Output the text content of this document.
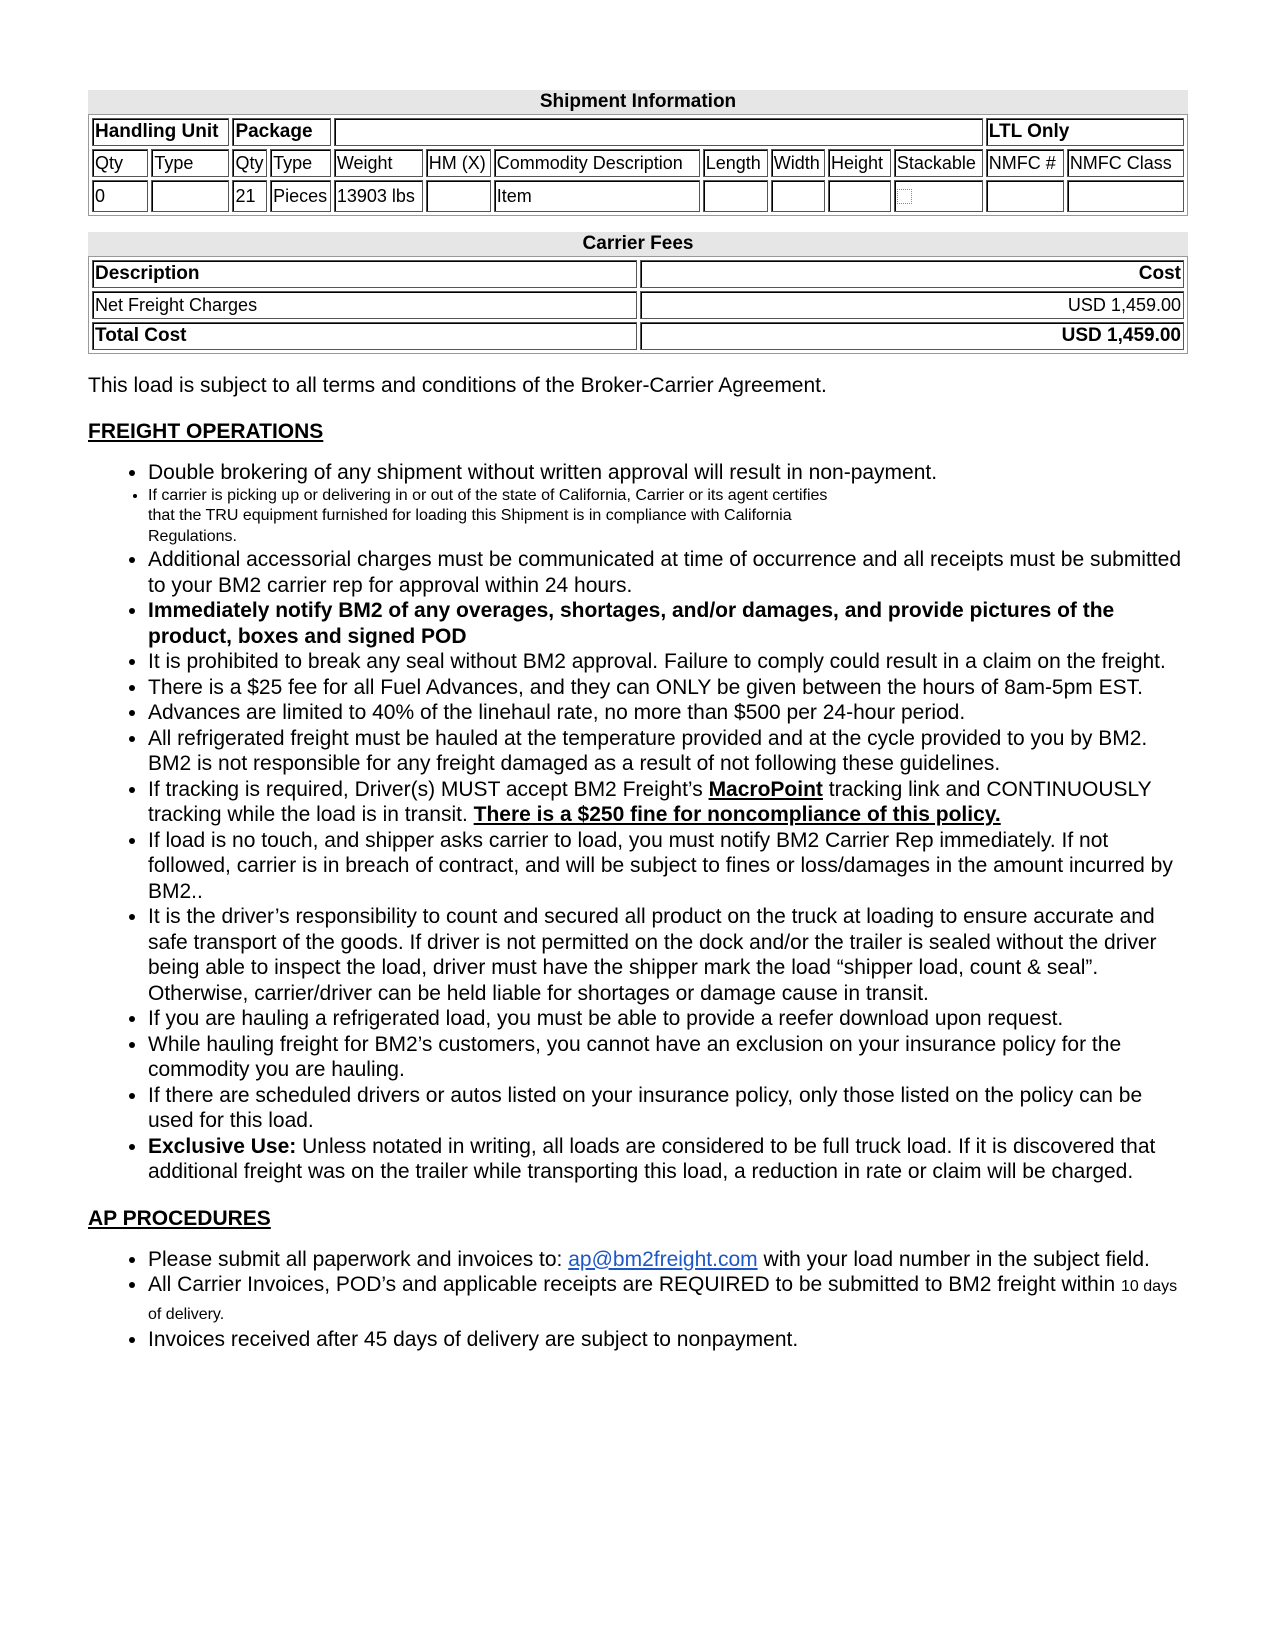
Shipment Information
Handling Unit		Package									LTL Only	
Qty	Type	Qty	Type	Weight	HM (X)	Commodity Description	Length	Width	Height	Stackable	NMFC #	NMFC Class
0		21	Pieces	13903 lbs		Item						
Carrier Fees
Description	Cost
Net Freight Charges	USD 1,459.00
Total Cost	USD 1,459.00
This load is subject to all terms and conditions of the Broker-Carrier Agreement.
FREIGHT OPERATIONS
• Double brokering of any shipment without written approval will result in non-payment.
• If carrier is picking up or delivering in or out of the state of California, Carrier or its agent certifies
that the TRU equipment furnished for loading this Shipment is in compliance with California
Regulations.
• Additional accessorial charges must be communicated at time of occurrence and all receipts must be submitted to your BM2 carrier rep for approval within 24 hours.
• Immediately notify BM2 of any overages, shortages, and/or damages, and provide pictures of the product, boxes and signed POD
• It is prohibited to break any seal without BM2 approval. Failure to comply could result in a claim on the freight.
• There is a $25 fee for all Fuel Advances, and they can ONLY be given between the hours of 8am-5pm EST.
• Advances are limited to 40% of the linehaul rate, no more than $500 per 24-hour period.
• All refrigerated freight must be hauled at the temperature provided and at the cycle provided to you by BM2. BM2 is not responsible for any freight damaged as a result of not following these guidelines.
• If tracking is required, Driver(s) MUST accept BM2 Freight’s MacroPoint tracking link and CONTINUOUSLY tracking while the load is in transit. There is a $250 fine for noncompliance of this policy.
• If load is no touch, and shipper asks carrier to load, you must notify BM2 Carrier Rep immediately. If not followed, carrier is in breach of contract, and will be subject to fines or loss/damages in the amount incurred by BM2..
• It is the driver’s responsibility to count and secured all product on the truck at loading to ensure accurate and safe transport of the goods. If driver is not permitted on the dock and/or the trailer is sealed without the driver being able to inspect the load, driver must have the shipper mark the load “shipper load, count & seal”. Otherwise, carrier/driver can be held liable for shortages or damage cause in transit.
• If you are hauling a refrigerated load, you must be able to provide a reefer download upon request.
• While hauling freight for BM2’s customers, you cannot have an exclusion on your insurance policy for the commodity you are hauling.
• If there are scheduled drivers or autos listed on your insurance policy, only those listed on the policy can be used for this load.
• Exclusive Use: Unless notated in writing, all loads are considered to be full truck load. If it is discovered that additional freight was on the trailer while transporting this load, a reduction in rate or claim will be charged.
AP PROCEDURES
• Please submit all paperwork and invoices to: ap@bm2freight.com with your load number in the subject field.
• All Carrier Invoices, POD’s and applicable receipts are REQUIRED to be submitted to BM2 freight within 10 days of delivery.
• Invoices received after 45 days of delivery are subject to nonpayment.
